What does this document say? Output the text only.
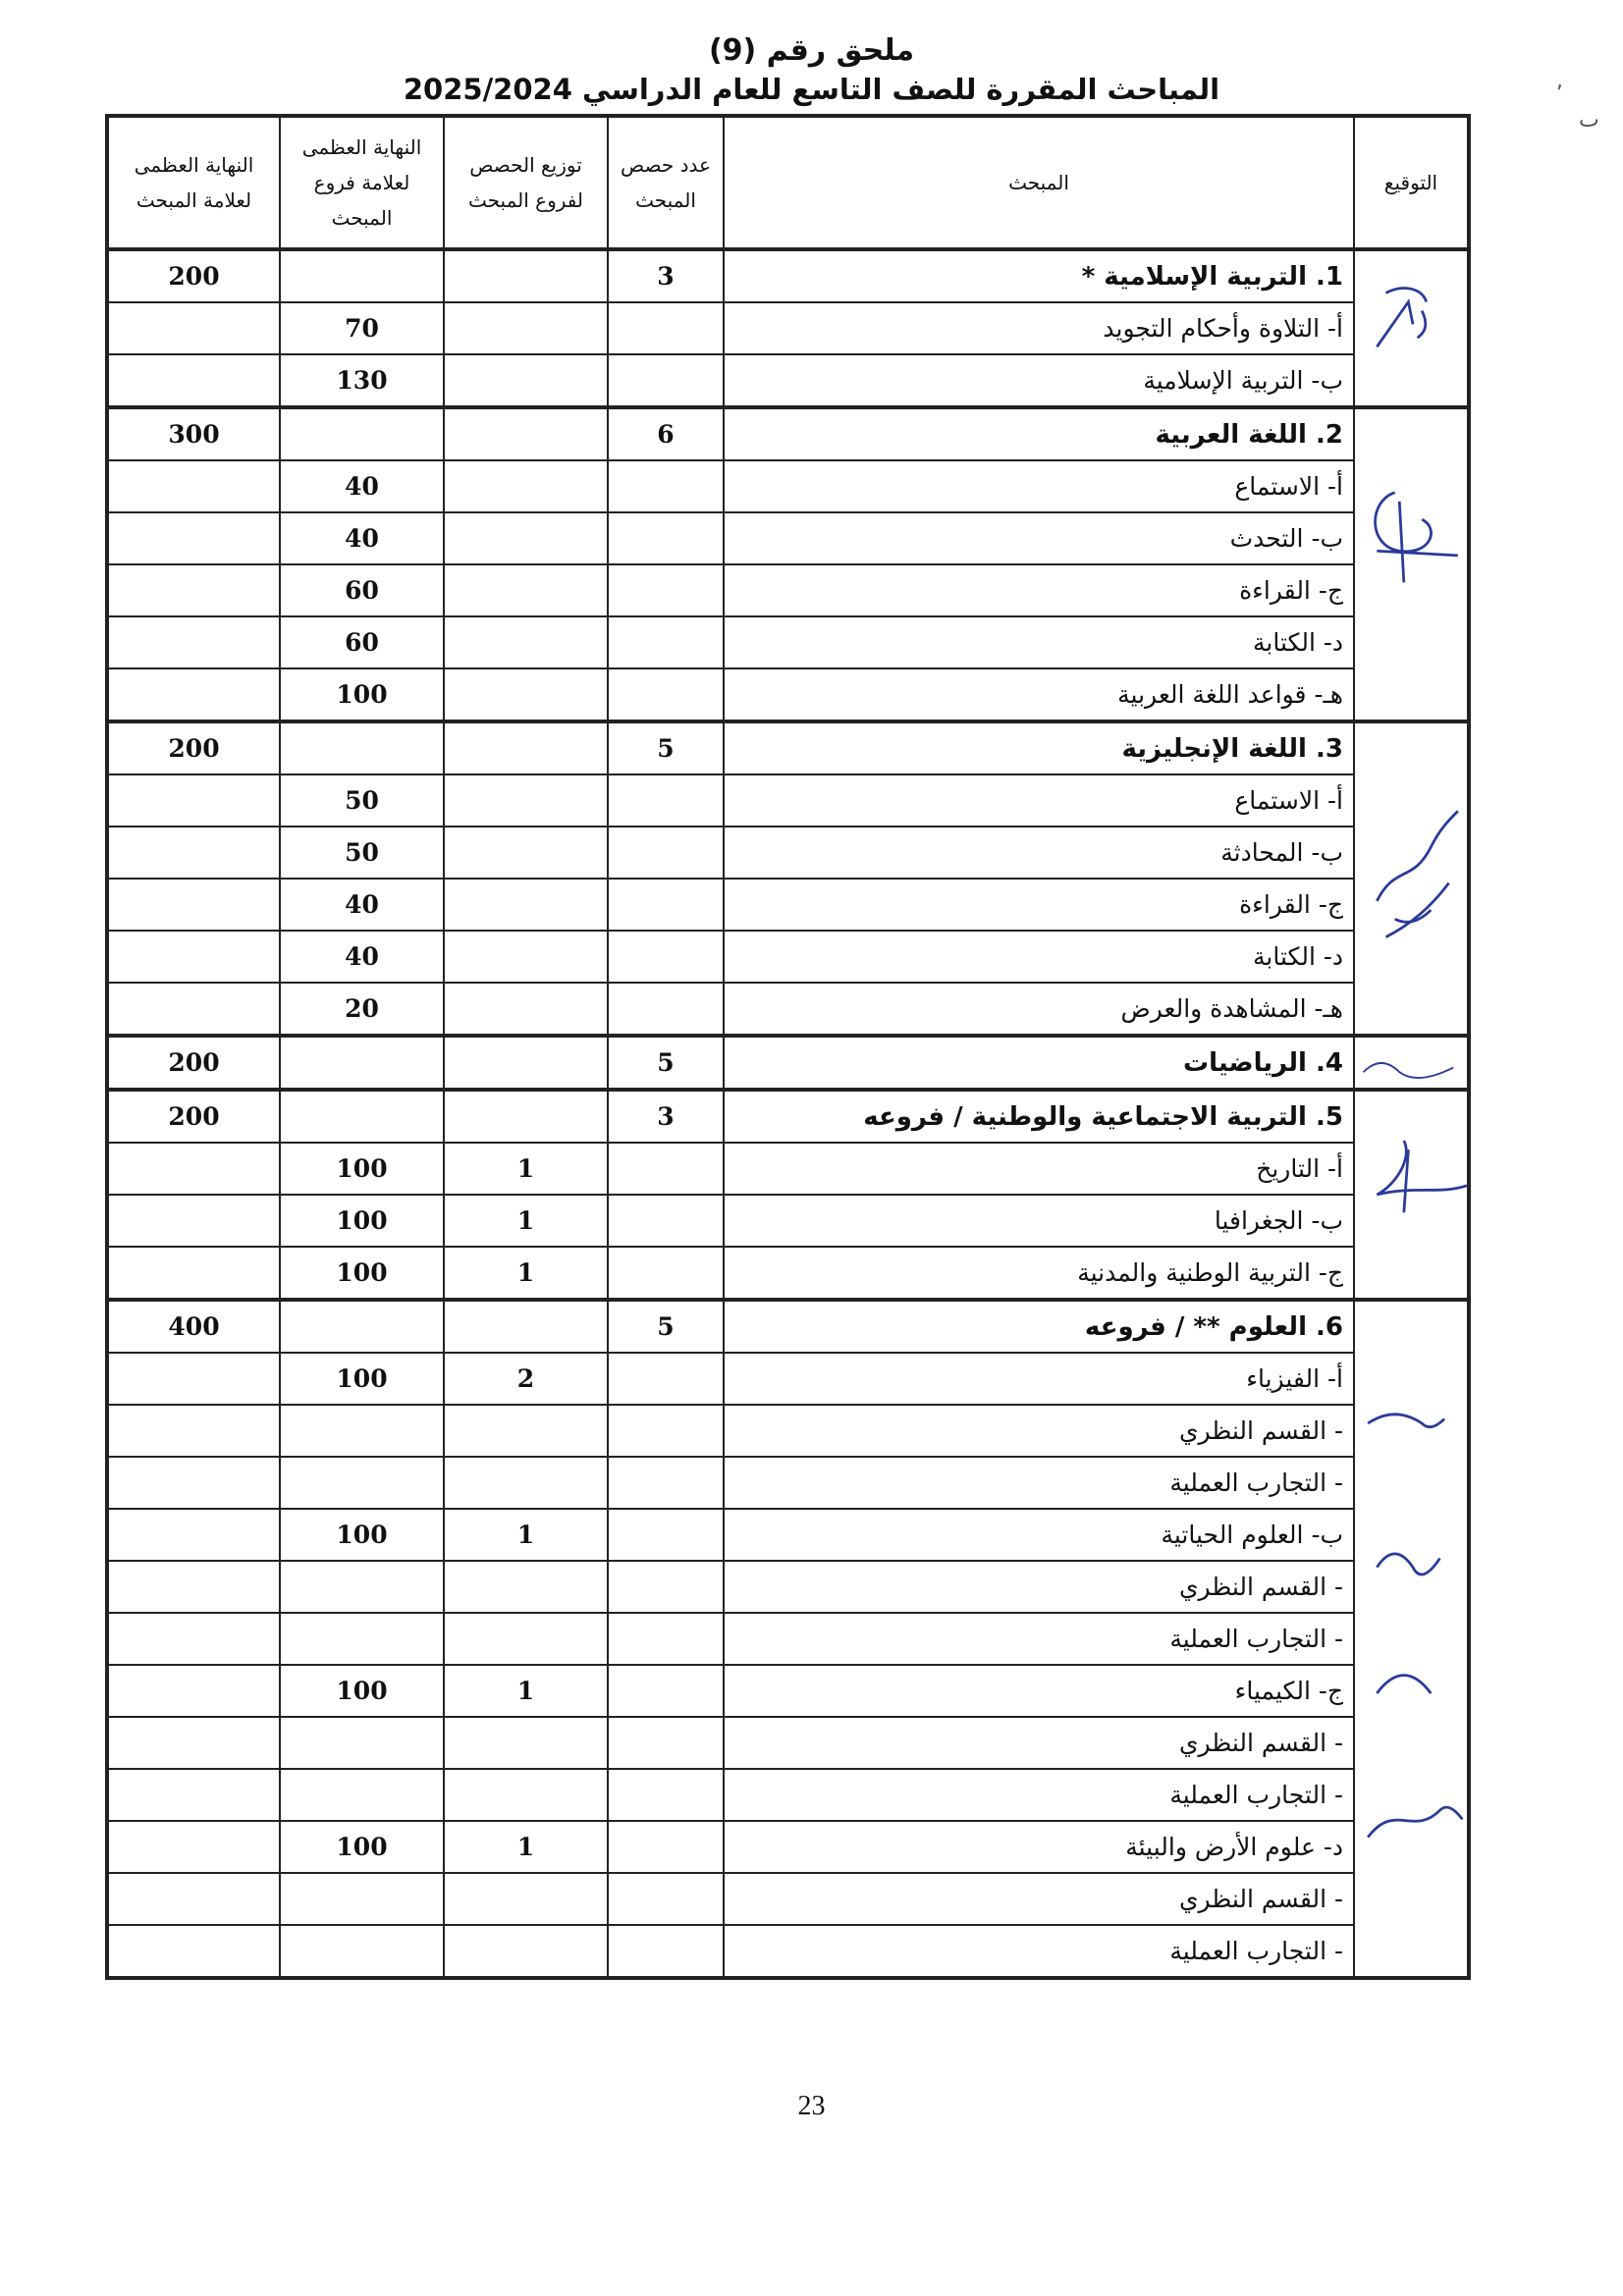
ملحق رقم (9)
المباحث المقررة للصف التاسع للعام الدراسي 2025/2024	,
ٮ
التوقيع	المبحث	عدد حصص المبحث	توزيع الحصص لفروع المبحث	النهاية العظمى لعلامة فروع المبحث	النهاية العظمى لعلامة المبحث

	1. التربية الإسلامية *	3			200
	أ- التلاوة وأحكام التجويد			70	
	ب- التربية الإسلامية			130	

	2. اللغة العربية	6			300
	أ- الاستماع			40	
	ب- التحدث			40	
	ج- القراءة			60	
	د- الكتابة			60	
	هـ- قواعد اللغة العربية			100	

	3. اللغة الإنجليزية	5			200
	أ- الاستماع			50	
	ب- المحادثة			50	
	ج- القراءة			40	
	د- الكتابة			40	
	هـ- المشاهدة والعرض			20	

	4. الرياضيات	5			200

	5. التربية الاجتماعية والوطنية / فروعه	3			200
	أ- التاريخ		1	100	
	ب- الجغرافيا		1	100	
	ج- التربية الوطنية والمدنية		1	100	

	6. العلوم ** / فروعه	5			400
	أ- الفيزياء		2	100	
	- القسم النظري				
	- التجارب العملية				
	ب- العلوم الحياتية		1	100	
	- القسم النظري				
	- التجارب العملية				
	ج- الكيمياء		1	100	
	- القسم النظري				
	- التجارب العملية				
	د- علوم الأرض والبيئة		1	100	
	- القسم النظري				
	- التجارب العملية				
23
